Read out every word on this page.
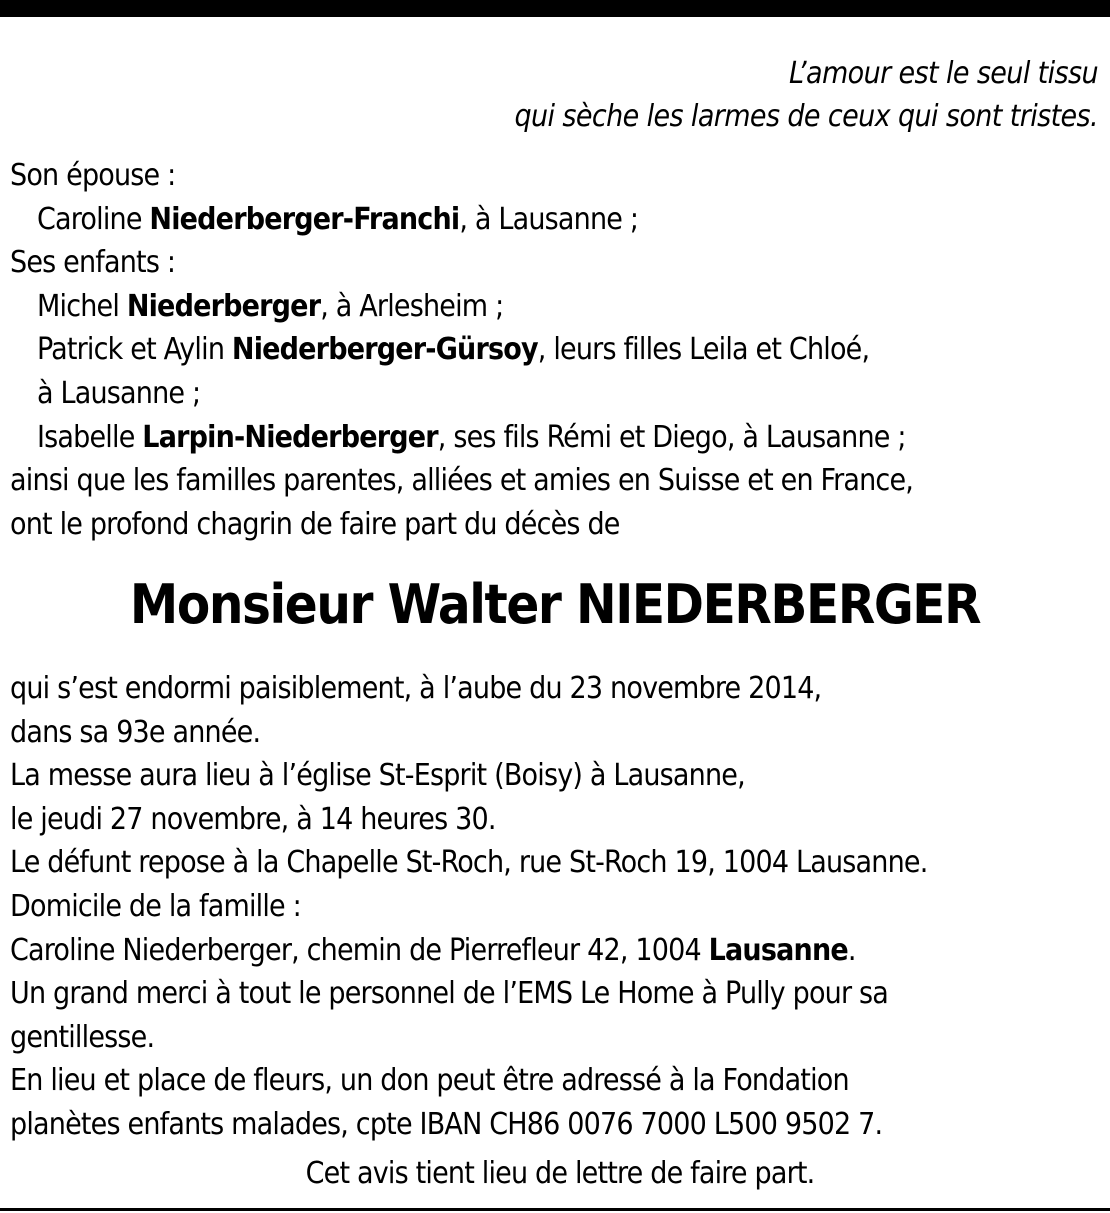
L’amour est le seul tissu
qui sèche les larmes de ceux qui sont tristes.
Son épouse :
Caroline Niederberger-Franchi, à Lausanne ;
Ses enfants :
Michel Niederberger, à Arlesheim ;
Patrick et Aylin Niederberger-Gürsoy, leurs filles Leila et Chloé,
à Lausanne ;
Isabelle Larpin-Niederberger, ses fils Rémi et Diego, à Lausanne ;
ainsi que les familles parentes, alliées et amies en Suisse et en France,
ont le profond chagrin de faire part du décès de
Monsieur Walter NIEDERBERGER
qui s’est endormi paisiblement, à l’aube du 23 novembre 2014,
dans sa 93e année.
La messe aura lieu à l’église St-Esprit (Boisy) à Lausanne,
le jeudi 27 novembre, à 14 heures 30.
Le défunt repose à la Chapelle St-Roch, rue St-Roch 19, 1004 Lausanne.
Domicile de la famille :
Caroline Niederberger, chemin de Pierrefleur 42, 1004 Lausanne.
Un grand merci à tout le personnel de l’EMS Le Home à Pully pour sa
gentillesse.
En lieu et place de fleurs, un don peut être adressé à la Fondation
planètes enfants malades, cpte IBAN CH86 0076 7000 L500 9502 7.
Cet avis tient lieu de lettre de faire part.
